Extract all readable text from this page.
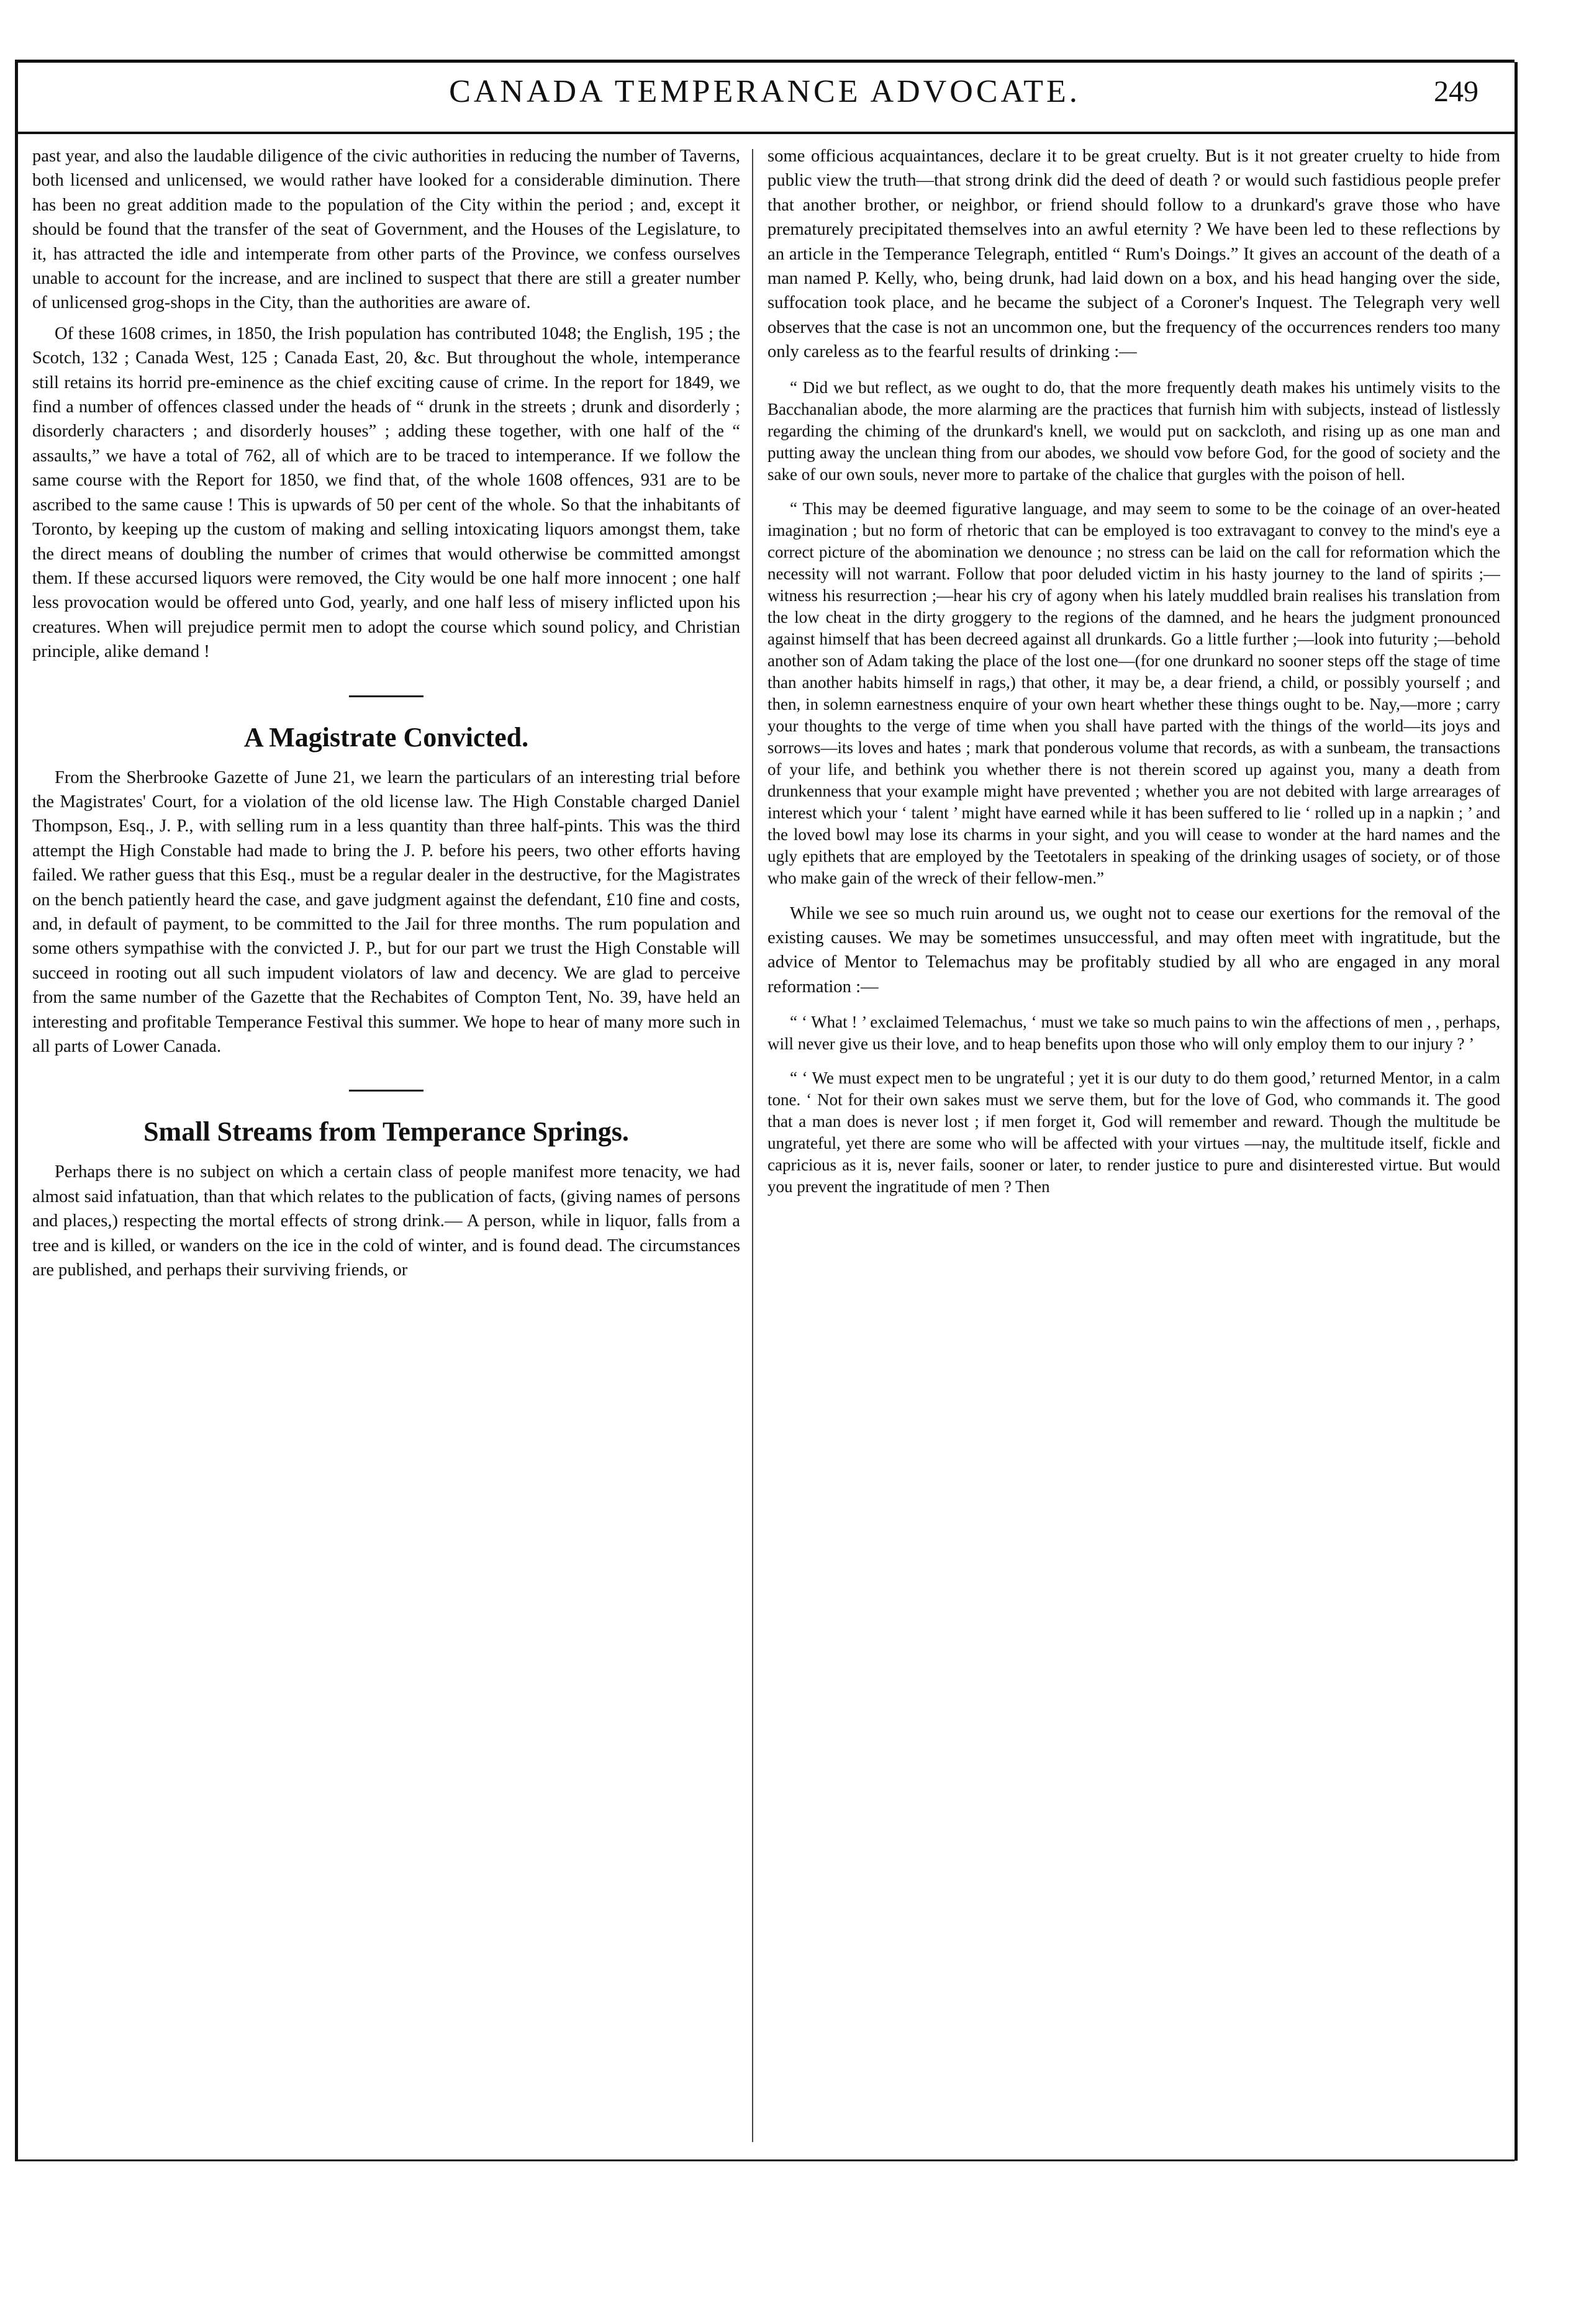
CANADA TEMPERANCE ADVOCATE.	249

past year, and also the laudable diligence of the civic authorities in reducing the number of Taverns, both licensed and unlicensed, we would rather have looked for a considerable diminution. There has been no great addition made to the population of the City within the period ; and, except it should be found that the transfer of the seat of Government, and the Houses of the Legislature, to it, has attracted the idle and intemperate from other parts of the Province, we confess ourselves unable to account for the increase, and are inclined to suspect that there are still a greater number of unlicensed grog-shops in the City, than the authorities are aware of.

Of these 1608 crimes, in 1850, the Irish population has contributed 1048; the English, 195 ; the Scotch, 132 ; Canada West, 125 ; Canada East, 20, &c. But throughout the whole, intemperance still retains its horrid pre-eminence as the chief exciting cause of crime. In the report for 1849, we find a number of offences classed under the heads of “ drunk in the streets ; drunk and disorderly ; disorderly characters ; and disorderly houses” ; adding these together, with one half of the “ assaults,” we have a total of 762, all of which are to be traced to intemperance. If we follow the same course with the Report for 1850, we find that, of the whole 1608 offences, 931 are to be ascribed to the same cause ! This is upwards of 50 per cent of the whole. So that the inhabitants of Toronto, by keeping up the custom of making and selling intoxicating liquors amongst them, take the direct means of doubling the number of crimes that would otherwise be committed amongst them. If these accursed liquors were removed, the City would be one half more innocent ; one half less provocation would be offered unto God, yearly, and one half less of misery inflicted upon his creatures. When will prejudice permit men to adopt the course which sound policy, and Christian principle, alike demand !

A Magistrate Convicted.

From the Sherbrooke Gazette of June 21, we learn the particulars of an interesting trial before the Magistrates' Court, for a violation of the old license law. The High Constable charged Daniel Thompson, Esq., J. P., with selling rum in a less quantity than three half-pints. This was the third attempt the High Constable had made to bring the J. P. before his peers, two other efforts having failed. We rather guess that this Esq., must be a regular dealer in the destructive, for the Magistrates on the bench patiently heard the case, and gave judgment against the defendant, £10 fine and costs, and, in default of payment, to be committed to the Jail for three months. The rum population and some others sympathise with the convicted J. P., but for our part we trust the High Constable will succeed in rooting out all such impudent violators of law and decency. We are glad to perceive from the same number of the Gazette that the Rechabites of Compton Tent, No. 39, have held an interesting and profitable Temperance Festival this summer. We hope to hear of many more such in all parts of Lower Canada.

Small Streams from Temperance Springs.

Perhaps there is no subject on which a certain class of people manifest more tenacity, we had almost said infatuation, than that which relates to the publication of facts, (giving names of persons and places,) respecting the mortal effects of strong drink.— A person, while in liquor, falls from a tree and is killed, or wanders on the ice in the cold of winter, and is found dead. The circumstances are published, and perhaps their surviving friends, or

some officious acquaintances, declare it to be great cruelty. But is it not greater cruelty to hide from public view the truth—that strong drink did the deed of death ? or would such fastidious people prefer that another brother, or neighbor, or friend should follow to a drunkard's grave those who have prematurely precipitated themselves into an awful eternity ? We have been led to these reflections by an article in the Temperance Telegraph, entitled “ Rum's Doings.” It gives an account of the death of a man named P. Kelly, who, being drunk, had laid down on a box, and his head hanging over the side, suffocation took place, and he became the subject of a Coroner's Inquest. The Telegraph very well observes that the case is not an uncommon one, but the frequency of the occurrences renders too many only careless as to the fearful results of drinking :—

“ Did we but reflect, as we ought to do, that the more frequently death makes his untimely visits to the Bacchanalian abode, the more alarming are the practices that furnish him with subjects, instead of listlessly regarding the chiming of the drunkard's knell, we would put on sackcloth, and rising up as one man and putting away the unclean thing from our abodes, we should vow before God, for the good of society and the sake of our own souls, never more to partake of the chalice that gurgles with the poison of hell.

“ This may be deemed figurative language, and may seem to some to be the coinage of an over-heated imagination ; but no form of rhetoric that can be employed is too extravagant to convey to the mind's eye a correct picture of the abomination we denounce ; no stress can be laid on the call for reformation which the necessity will not warrant. Follow that poor deluded victim in his hasty journey to the land of spirits ;—witness his resurrection ;—hear his cry of agony when his lately muddled brain realises his translation from the low cheat in the dirty groggery to the regions of the damned, and he hears the judgment pronounced against himself that has been decreed against all drunkards. Go a little further ;—look into futurity ;—behold another son of Adam taking the place of the lost one—(for one drunkard no sooner steps off the stage of time than another habits himself in rags,) that other, it may be, a dear friend, a child, or possibly yourself ; and then, in solemn earnestness enquire of your own heart whether these things ought to be. Nay,—more ; carry your thoughts to the verge of time when you shall have parted with the things of the world—its joys and sorrows—its loves and hates ; mark that ponderous volume that records, as with a sunbeam, the transactions of your life, and bethink you whether there is not therein scored up against you, many a death from drunkenness that your example might have prevented ; whether you are not debited with large arrearages of interest which your ‘ talent ’ might have earned while it has been suffered to lie ‘ rolled up in a napkin ; ’ and the loved bowl may lose its charms in your sight, and you will cease to wonder at the hard names and the ugly epithets that are employed by the Teetotalers in speaking of the drinking usages of society, or of those who make gain of the wreck of their fellow-men.”

While we see so much ruin around us, we ought not to cease our exertions for the removal of the existing causes. We may be sometimes unsuccessful, and may often meet with ingratitude, but the advice of Mentor to Telemachus may be profitably studied by all who are engaged in any moral reformation :—

“ ‘ What ! ’ exclaimed Telemachus, ‘ must we take so much pains to win the affections of men , , perhaps, will never give us their love, and to heap benefits upon those who will only employ them to our injury ? ’

“ ‘ We must expect men to be ungrateful ; yet it is our duty to do them good,’ returned Mentor, in a calm tone. ‘ Not for their own sakes must we serve them, but for the love of God, who commands it. The good that a man does is never lost ; if men forget it, God will remember and reward. Though the multitude be ungrateful, yet there are some who will be affected with your virtues —nay, the multitude itself, fickle and capricious as it is, never fails, sooner or later, to render justice to pure and disinterested virtue. But would you prevent the ingratitude of men ? Then
